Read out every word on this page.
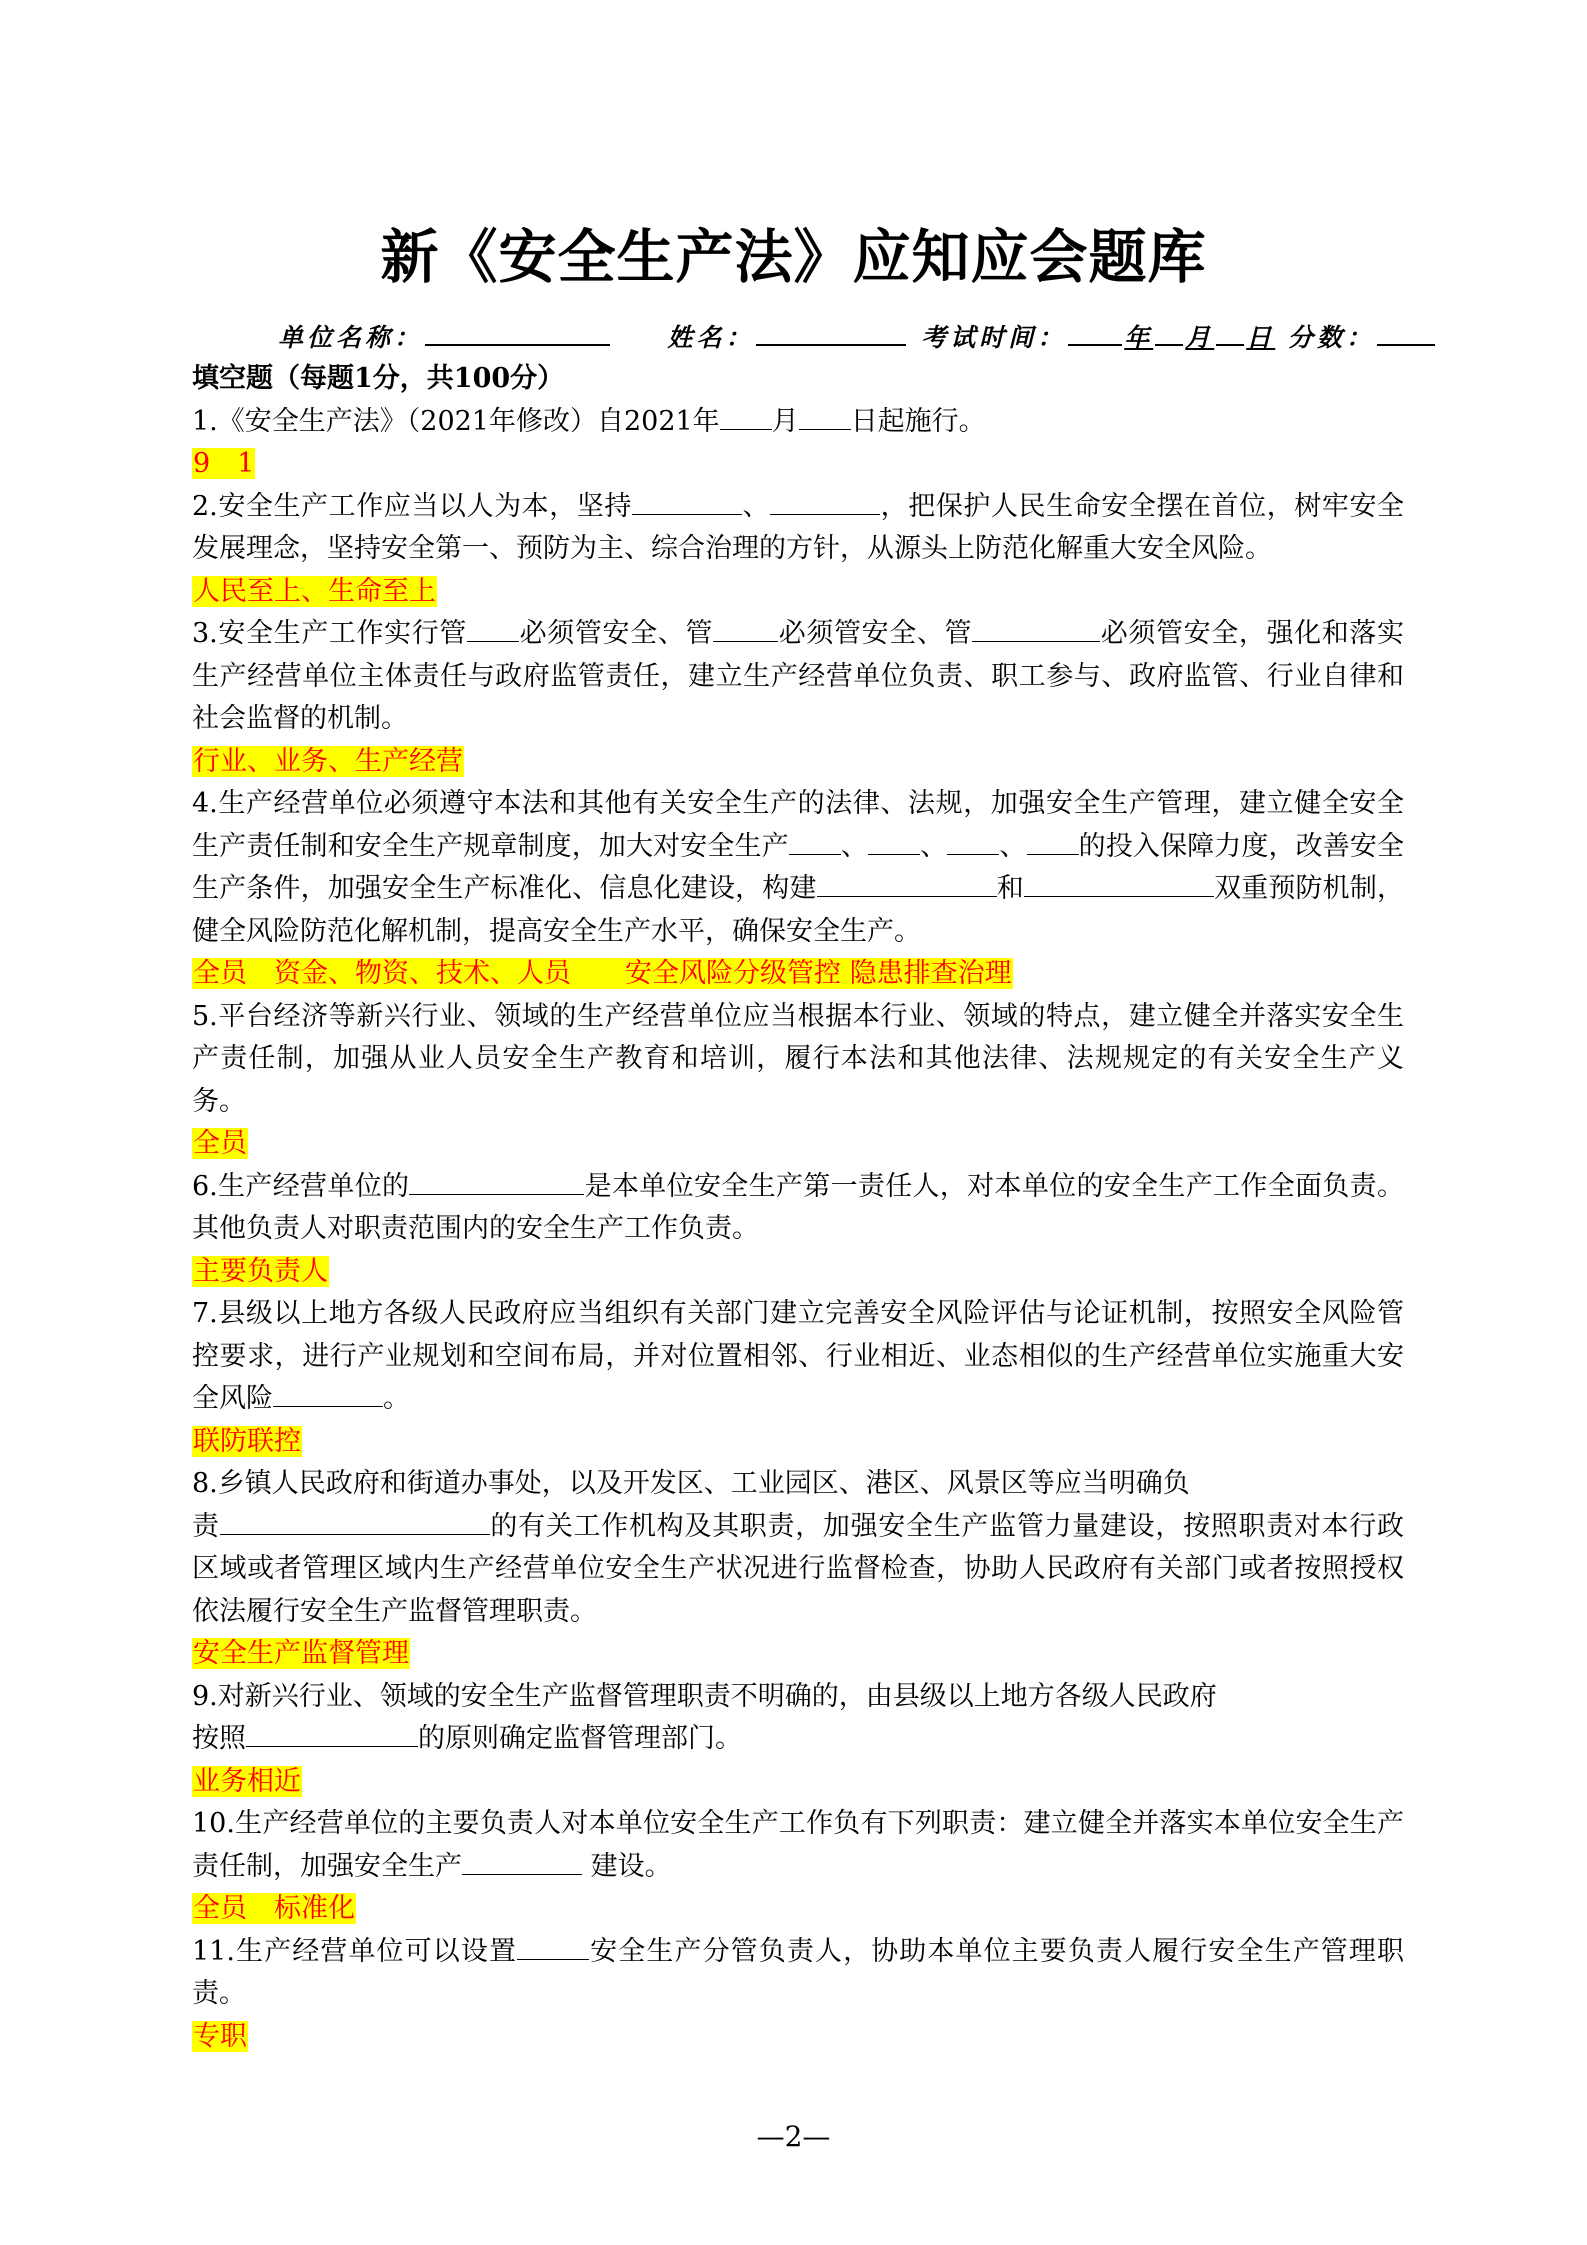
新《安全生产法》应知应会题库
单位名称：	姓名：	考试时间： 年 月 日 分数：
填空题（每题1分，共100分）
1.《安全生产法》（2021年修改）自2021年 月 日起施行。
9　1
2.安全生产工作应当以人为本，坚持	、	，把保护人民生命安全摆在首位，树牢安全发展理念，坚持安全第一、预防为主、综合治理的方针，从源头上防范化解重大安全风险。
人民至上、生命至上
3.安全生产工作实行管 必须管安全、管 必须管安全、管	必须管安全，强化和落实生产经营单位主体责任与政府监管责任，建立生产经营单位负责、职工参与、政府监管、行业自律和社会监督的机制。
行业、业务、生产经营
4.生产经营单位必须遵守本法和其他有关安全生产的法律、法规，加强安全生产管理，建立健全安全生产责任制和安全生产规章制度，加大对安全生产 、 、 、 的投入保障力度，改善安全生产条件，加强安全生产标准化、信息化建设，构建	和	双重预防机制，健全风险防范化解机制，提高安全生产水平，确保安全生产。
全员　资金、物资、技术、人员　　安全风险分级管控 隐患排查治理
5.平台经济等新兴行业、领域的生产经营单位应当根据本行业、领域的特点，建立健全并落实安全生产责任制，加强从业人员安全生产教育和培训，履行本法和其他法律、法规规定的有关安全生产义务。
全员
6.生产经营单位的	是本单位安全生产第一责任人，对本单位的安全生产工作全面负责。其他负责人对职责范围内的安全生产工作负责。
主要负责人
7.县级以上地方各级人民政府应当组织有关部门建立完善安全风险评估与论证机制，按照安全风险管控要求，进行产业规划和空间布局，并对位置相邻、行业相近、业态相似的生产经营单位实施重大安全风险	。
联防联控
8.乡镇人民政府和街道办事处，以及开发区、工业园区、港区、风景区等应当明确负
责	的有关工作机构及其职责，加强安全生产监管力量建设，按照职责对本行政区域或者管理区域内生产经营单位安全生产状况进行监督检查，协助人民政府有关部门或者按照授权依法履行安全生产监督管理职责。
安全生产监督管理
9.对新兴行业、领域的安全生产监督管理职责不明确的，由县级以上地方各级人民政府
按照	的原则确定监督管理部门。
业务相近
10.生产经营单位的主要负责人对本单位安全生产工作负有下列职责：建立健全并落实本单位安全生产责任制，加强安全生产	建设。
全员　标准化
11.生产经营单位可以设置	安全生产分管负责人，协助本单位主要负责人履行安全生产管理职责。
专职
—2—
